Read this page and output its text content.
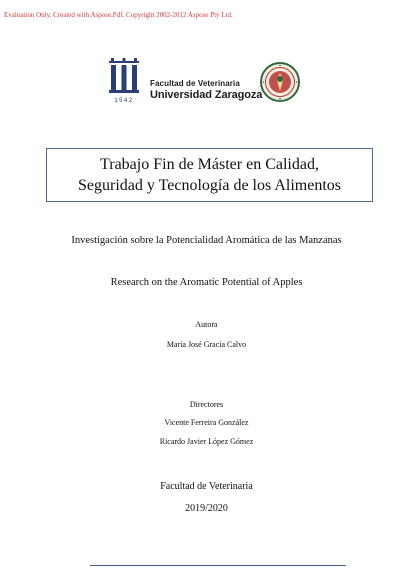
Evaluation Only. Created with Aspose.Pdf. Copyright 2002-2012 Aspose Pty Ltd.
1542
Facultad de Veterinaria
Universidad Zaragoza
Trabajo Fin de Máster en Calidad,
Seguridad y Tecnología de los Alimentos
Investigación sobre la Potencialidad Aromática de las Manzanas
Research on the Aromatic Potential of Apples
Autora
María José Gracia Calvo
Directores
Vicente Ferreira González
Ricardo Javier López Gómez
Facultad de Veterinaria
2019/2020
